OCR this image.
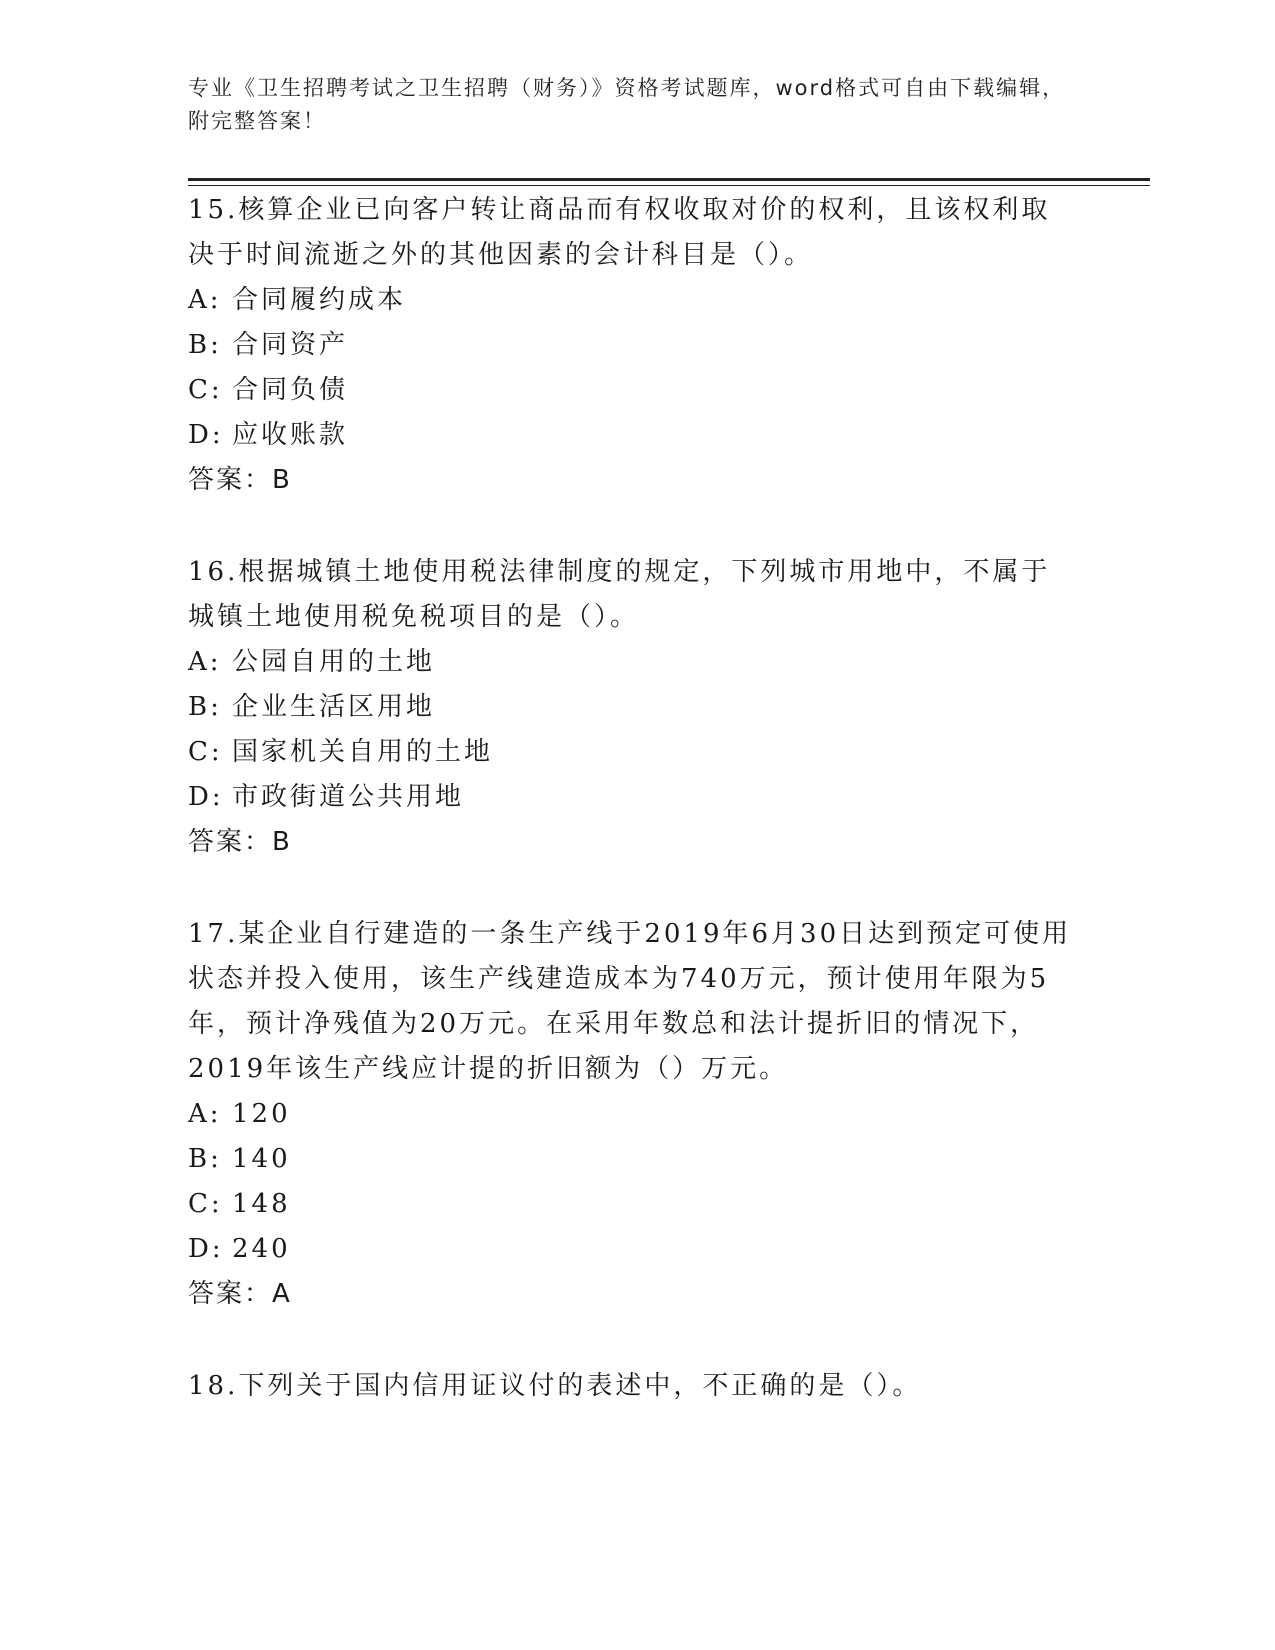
专业《卫生招聘考试之卫生招聘（财务）》资格考试题库，word格式可自由下载编辑，附完整答案！
15.核算企业已向客户转让商品而有权收取对价的权利，且该权利取决于时间流逝之外的其他因素的会计科目是（）。
A: 合同履约成本
B: 合同资产
C: 合同负债
D: 应收账款
答案：B
16.根据城镇土地使用税法律制度的规定，下列城市用地中，不属于城镇土地使用税免税项目的是（）。
A: 公园自用的土地
B: 企业生活区用地
C: 国家机关自用的土地
D: 市政街道公共用地
答案：B
17.某企业自行建造的一条生产线于2019年6月30日达到预定可使用状态并投入使用，该生产线建造成本为740万元，预计使用年限为5年，预计净残值为20万元。在采用年数总和法计提折旧的情况下，2019年该生产线应计提的折旧额为（）万元。
A: 120
B: 140
C: 148
D: 240
答案：A
18.下列关于国内信用证议付的表述中，不正确的是（）。
